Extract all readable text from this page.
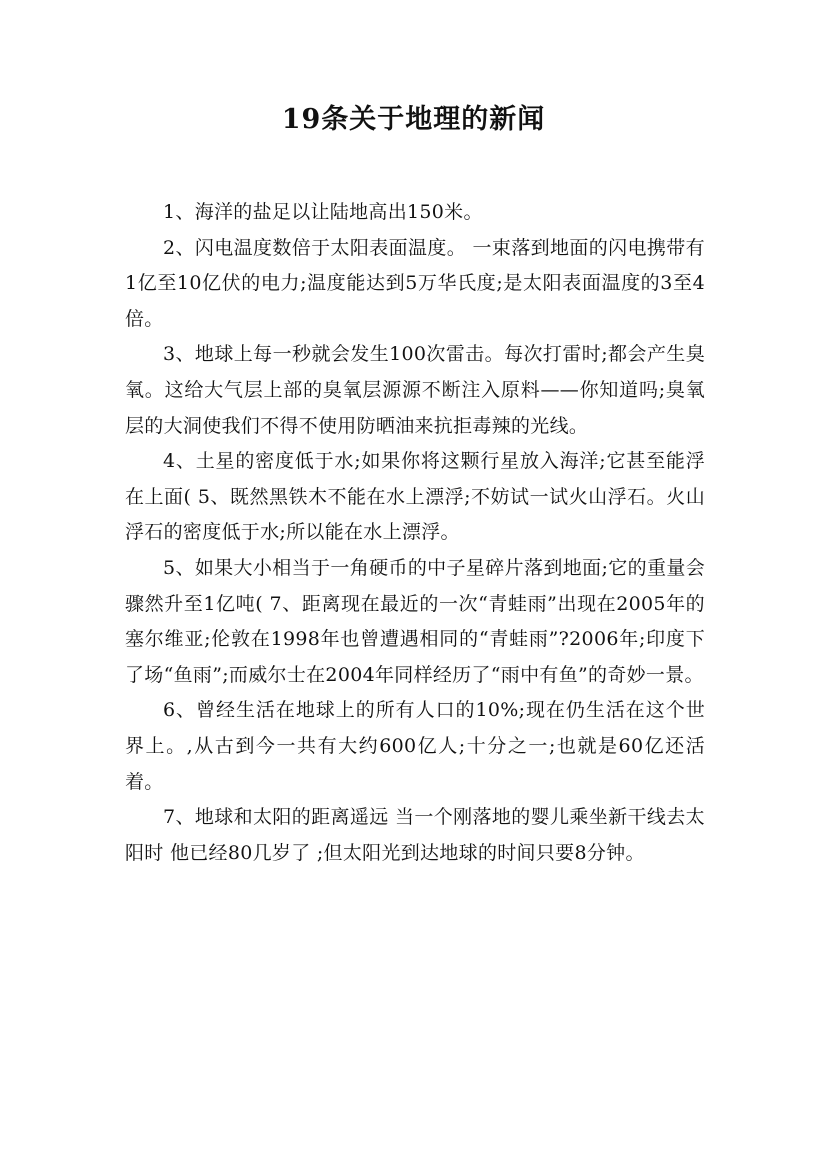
19条关于地理的新闻

1、海洋的盐足以让陆地高出150米。

2、闪电温度数倍于太阳表面温度。 一束落到地面的闪电携带有1亿至10亿伏的电力;温度能达到5万华氏度;是太阳表面温度的3至4倍。

3、地球上每一秒就会发生100次雷击。每次打雷时;都会产生臭氧。这给大气层上部的臭氧层源源不断注入原料——你知道吗;臭氧层的大洞使我们不得不使用防晒油来抗拒毒辣的光线。

4、土星的密度低于水;如果你将这颗行星放入海洋;它甚至能浮在上面( 5、既然黑铁木不能在水上漂浮;不妨试一试火山浮石。火山浮石的密度低于水;所以能在水上漂浮。

5、如果大小相当于一角硬币的中子星碎片落到地面;它的重量会骤然升至1亿吨( 7、距离现在最近的一次“青蛙雨”出现在2005年的塞尔维亚;伦敦在1998年也曾遭遇相同的“青蛙雨”?2006年;印度下了场“鱼雨”;而威尔士在2004年同样经历了“雨中有鱼”的奇妙一景。

6、曾经生活在地球上的所有人口的10%;现在仍生活在这个世界上。,从古到今一共有大约600亿人;十分之一;也就是60亿还活着。

7、地球和太阳的距离遥远 当一个刚落地的婴儿乘坐新干线去太阳时 他已经80几岁了 ;但太阳光到达地球的时间只要8分钟。
